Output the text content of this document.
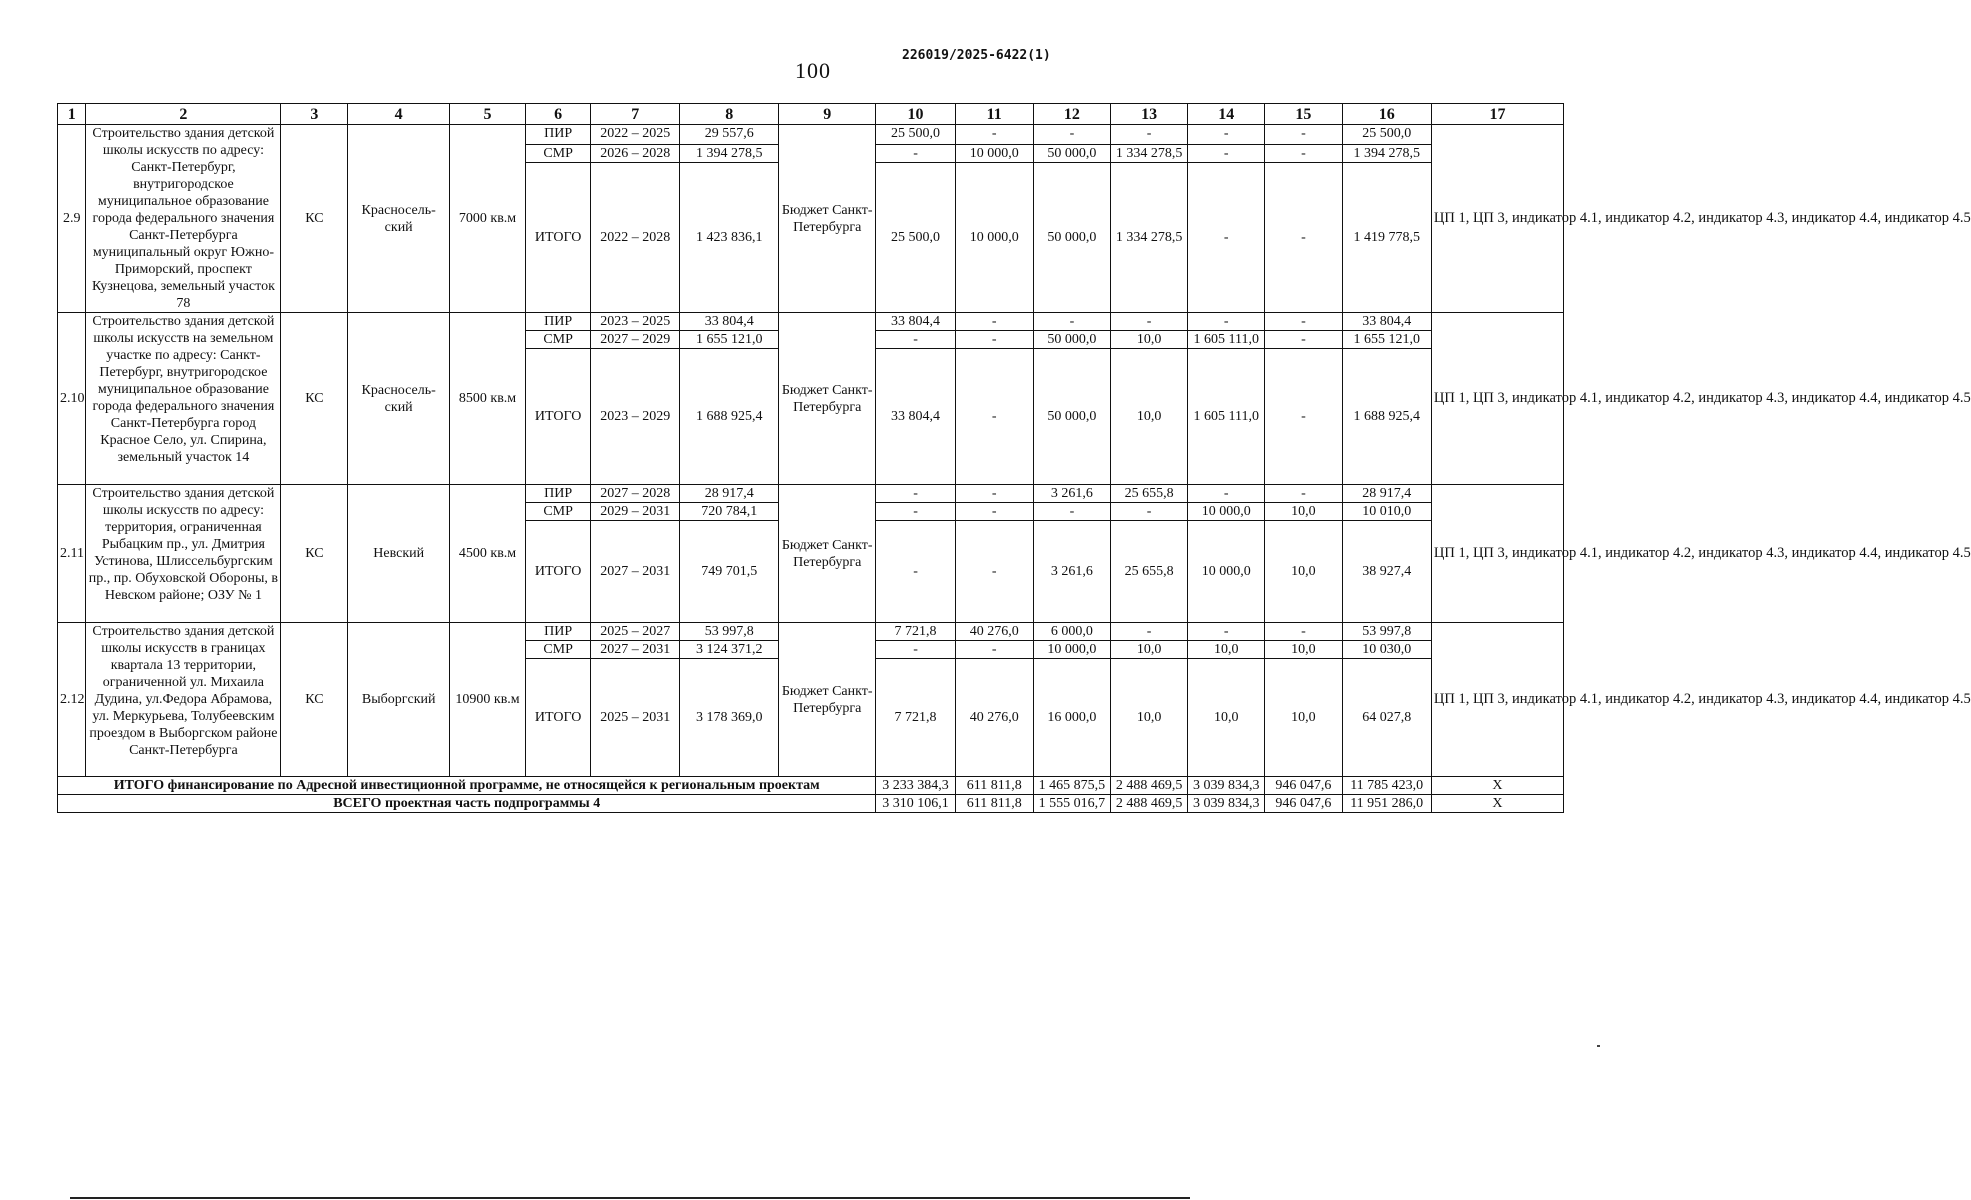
100
226019/2025-6422(1)
1	2	3	4	5	6	7	8	9	10	11	12	13	14	15	16	17
2.9	Строительство здания детской школы искусств по адресу: Санкт-Петербург, внутригородское муниципальное образование города федерального значения Санкт-Петербурга муниципальный округ Южно-Приморский, проспект Кузнецова, земельный участок 78	КС	Красносель-ский	7000 кв.м	ПИР	2022 – 2025	29 557,6	Бюджет Санкт-Петербурга	25 500,0	-	-	-	-	-	25 500,0	ЦП 1, ЦП 3, индикатор 4.1, индикатор 4.2, индикатор 4.3, индикатор 4.4, индикатор 4.5
					СМР	2026 – 2028	1 394 278,5		-	10 000,0	50 000,0	1 334 278,5	-	-	1 394 278,5	
					ИТОГО	2022 – 2028	1 423 836,1		25 500,0	10 000,0	50 000,0	1 334 278,5	-	-	1 419 778,5	
2.10	Строительство здания детской школы искусств на земельном участке по адресу: Санкт-Петербург, внутригородское муниципальное образование города федерального значения Санкт-Петербурга город Красное Село, ул. Спирина, земельный участок 14	КС	Красносель-ский	8500 кв.м	ПИР	2023 – 2025	33 804,4	Бюджет Санкт-Петербурга	33 804,4	-	-	-	-	-	33 804,4	ЦП 1, ЦП 3, индикатор 4.1, индикатор 4.2, индикатор 4.3, индикатор 4.4, индикатор 4.5
					СМР	2027 – 2029	1 655 121,0		-	-	50 000,0	10,0	1 605 111,0	-	1 655 121,0	
					ИТОГО	2023 – 2029	1 688 925,4		33 804,4	-	50 000,0	10,0	1 605 111,0	-	1 688 925,4	
2.11	Строительство здания детской школы искусств по адресу: территория, ограниченная Рыбацким пр., ул. Дмитрия Устинова, Шлиссельбургским пр., пр. Обуховской Обороны, в Невском районе; ОЗУ № 1	КС	Невский	4500 кв.м	ПИР	2027 – 2028	28 917,4	Бюджет Санкт-Петербурга	-	-	3 261,6	25 655,8	-	-	28 917,4	ЦП 1, ЦП 3, индикатор 4.1, индикатор 4.2, индикатор 4.3, индикатор 4.4, индикатор 4.5
					СМР	2029 – 2031	720 784,1		-	-	-	-	10 000,0	10,0	10 010,0	
					ИТОГО	2027 – 2031	749 701,5		-	-	3 261,6	25 655,8	10 000,0	10,0	38 927,4	
2.12	Строительство здания детской школы искусств в границах квартала 13 территории, ограниченной ул. Михаила Дудина, ул.Федора Абрамова, ул. Меркурьева, Толубеевским проездом в Выборгском районе Санкт-Петербурга	КС	Выборгский	10900 кв.м	ПИР	2025 – 2027	53 997,8	Бюджет Санкт-Петербурга	7 721,8	40 276,0	6 000,0	-	-	-	53 997,8	ЦП 1, ЦП 3, индикатор 4.1, индикатор 4.2, индикатор 4.3, индикатор 4.4, индикатор 4.5
					СМР	2027 – 2031	3 124 371,2		-	-	10 000,0	10,0	10,0	10,0	10 030,0	
					ИТОГО	2025 – 2031	3 178 369,0		7 721,8	40 276,0	16 000,0	10,0	10,0	10,0	64 027,8	
ИТОГО финансирование по Адресной инвестиционной программе, не относящейся к региональным проектам									3 233 384,3	611 811,8	1 465 875,5	2 488 469,5	3 039 834,3	946 047,6	11 785 423,0	X
ВСЕГО проектная часть подпрограммы 4									3 310 106,1	611 811,8	1 555 016,7	2 488 469,5	3 039 834,3	946 047,6	11 951 286,0	X
